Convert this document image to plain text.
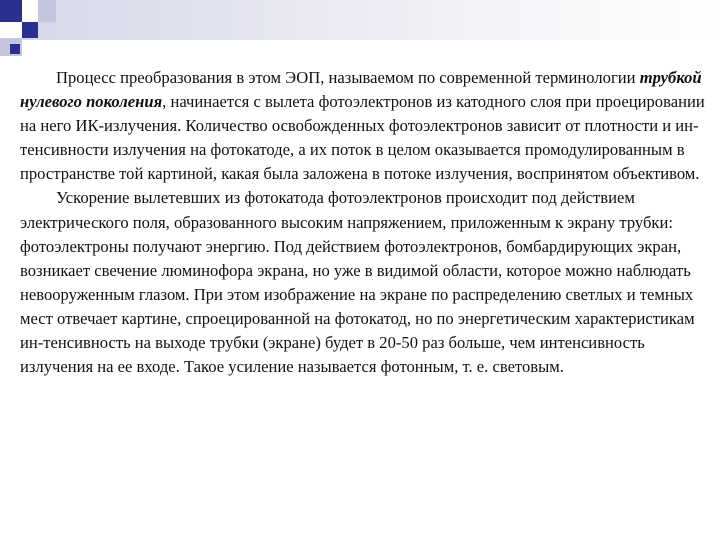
Процесс преобразования в этом ЭОП, называемом по современной терминологии трубкой нулевого поколения, начинается с вылета фотоэлектронов из катодного слоя при проецировании на него ИК-излучения. Количество освобожденных фотоэлектронов зависит от плотности и ин-тенсивности излучения на фотокатоде, а их поток в целом оказывается промодулированным в пространстве той картиной, какая была заложена в потоке излучения, воспринятом объективом.

Ускорение вылетевших из фотокатода фотоэлектронов происходит под действием электрического поля, образованного высоким напряжением, приложенным к экрану трубки: фотоэлектроны получают энергию. Под действием фотоэлектронов, бомбардирующих экран, возникает свечение люминофора экрана, но уже в видимой области, которое можно наблюдать невооруженным глазом. При этом изображение на экране по распределению светлых и темных мест отвечает картине, спроецированной на фотокатод, но по энергетическим характеристикам ин-тенсивность на выходе трубки (экране) будет в 20-50 раз больше, чем интенсивность излучения на ее входе. Такое усиление называется фотонным, т. е. световым.
